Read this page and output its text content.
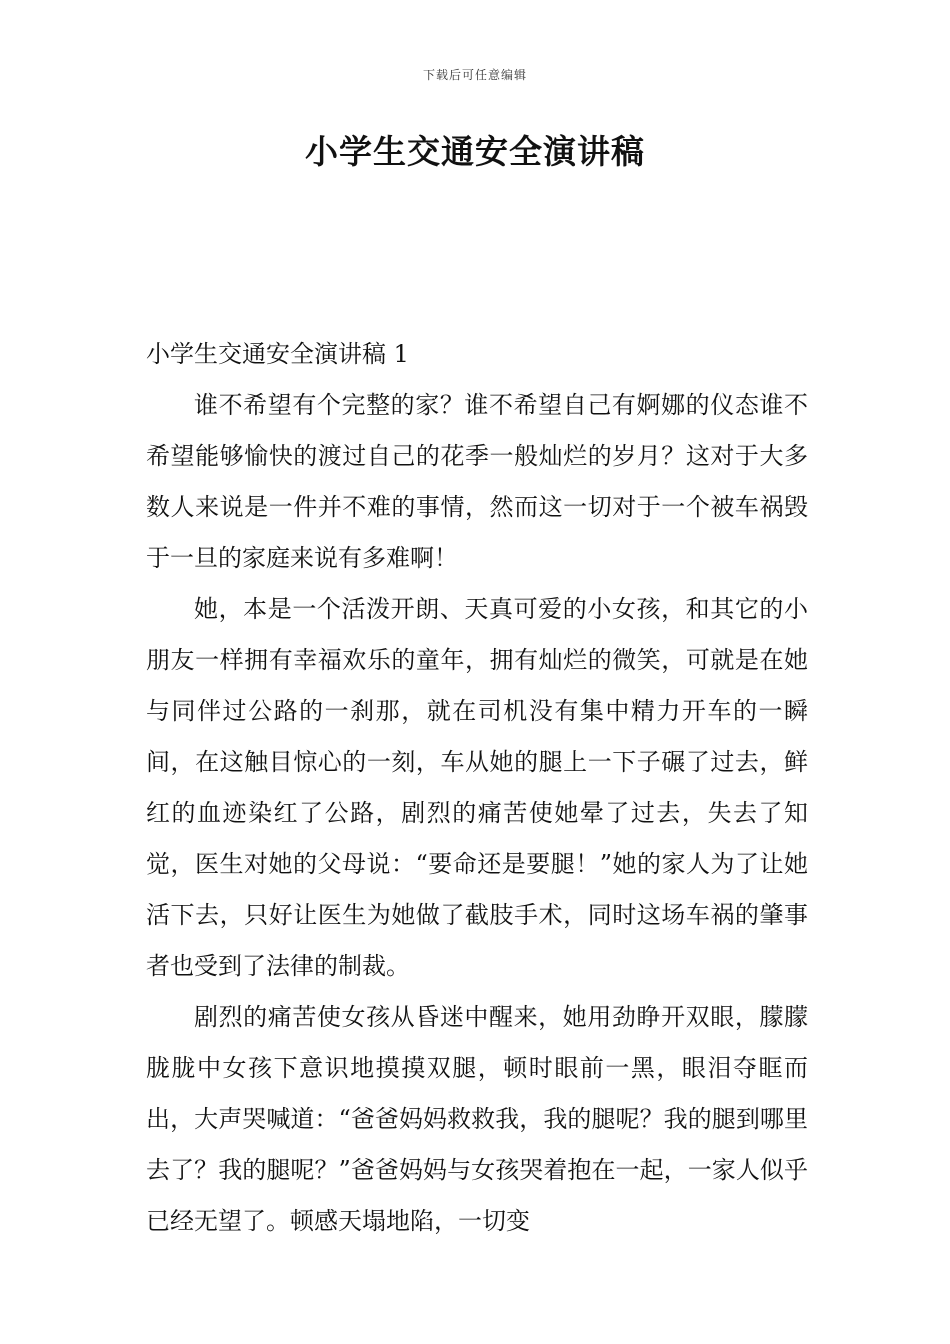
下载后可任意编辑
小学生交通安全演讲稿

小学生交通安全演讲稿 1

谁不希望有个完整的家？谁不希望自己有婀娜的仪态谁不希望能够愉快的渡过自己的花季一般灿烂的岁月？这对于大多数人来说是一件并不难的事情，然而这一切对于一个被车祸毁于一旦的家庭来说有多难啊！

她，本是一个活泼开朗、天真可爱的小女孩，和其它的小朋友一样拥有幸福欢乐的童年，拥有灿烂的微笑，可就是在她与同伴过公路的一刹那，就在司机没有集中精力开车的一瞬间，在这触目惊心的一刻，车从她的腿上一下子碾了过去，鲜红的血迹染红了公路，剧烈的痛苦使她晕了过去，失去了知觉，医生对她的父母说：“要命还是要腿！”她的家人为了让她活下去，只好让医生为她做了截肢手术，同时这场车祸的肇事者也受到了法律的制裁。

剧烈的痛苦使女孩从昏迷中醒来，她用劲睁开双眼，朦朦胧胧中女孩下意识地摸摸双腿，顿时眼前一黑，眼泪夺眶而出，大声哭喊道：“爸爸妈妈救救我，我的腿呢？我的腿到哪里去了？我的腿呢？”爸爸妈妈与女孩哭着抱在一起，一家人似乎已经无望了。顿感天塌地陷，一切变
